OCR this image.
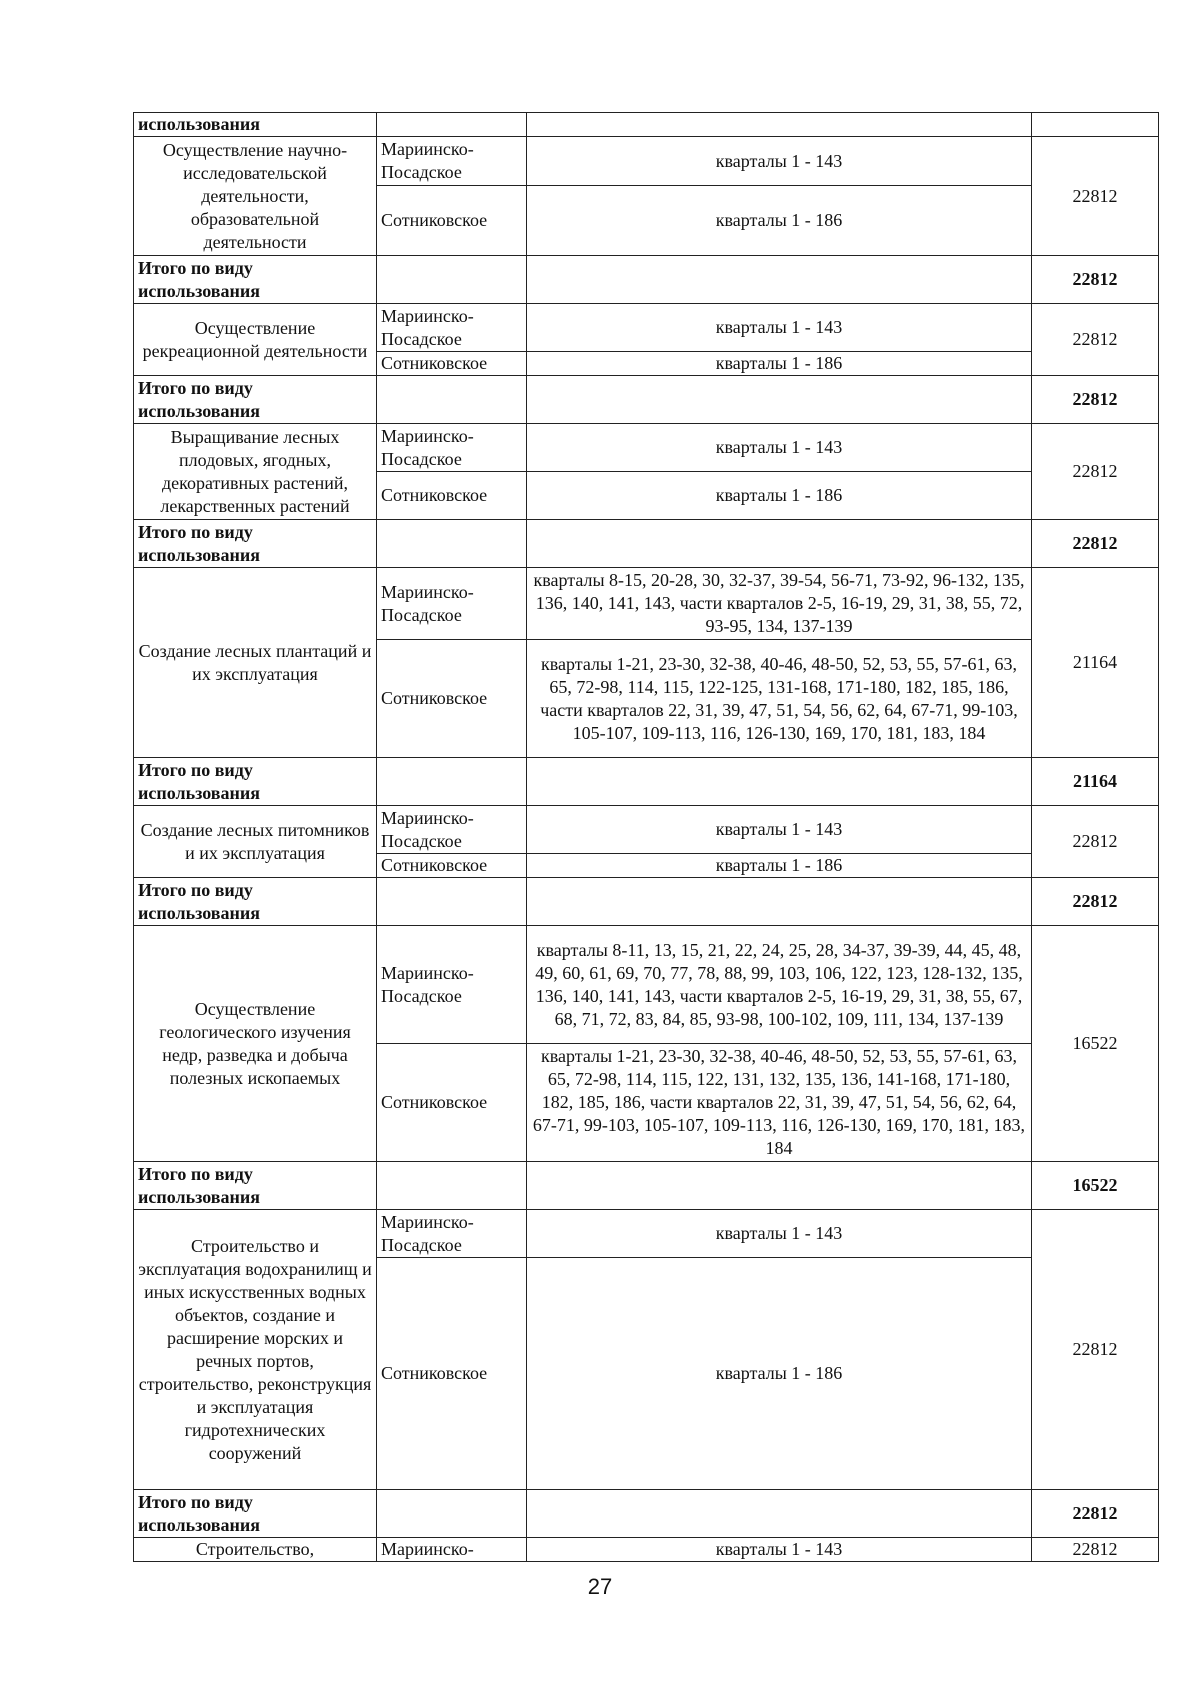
использования			
Осуществление научно-исследовательской деятельности, образовательной деятельности	Мариинско-Посадское	кварталы 1 - 143	22812
	Сотниковское	кварталы 1 - 186	
Итого по виду использования			22812
Осуществление рекреационной деятельности	Мариинско-Посадское	кварталы 1 - 143	22812
	Сотниковское	кварталы 1 - 186	
Итого по виду использования			22812
Выращивание лесных плодовых, ягодных, декоративных растений, лекарственных растений	Мариинско-Посадское	кварталы 1 - 143	22812
	Сотниковское	кварталы 1 - 186	
Итого по виду использования			22812
Создание лесных плантаций и их эксплуатация	Мариинско-Посадское	кварталы 8-15, 20-28, 30, 32-37, 39-54, 56-71, 73-92, 96-132, 135, 136, 140, 141, 143, части кварталов 2-5, 16-19, 29, 31, 38, 55, 72, 93-95, 134, 137-139	21164
	Сотниковское	кварталы 1-21, 23-30, 32-38, 40-46, 48-50, 52, 53, 55, 57-61, 63, 65, 72-98, 114, 115, 122-125, 131-168, 171-180, 182, 185, 186, части кварталов 22, 31, 39, 47, 51, 54, 56, 62, 64, 67-71, 99-103, 105-107, 109-113, 116, 126-130, 169, 170, 181, 183, 184	
Итого по виду использования			21164
Создание лесных питомников и их эксплуатация	Мариинско-Посадское	кварталы 1 - 143	22812
	Сотниковское	кварталы 1 - 186	
Итого по виду использования			22812
Осуществление геологического изучения недр, разведка и добыча полезных ископаемых	Мариинско-Посадское	кварталы 8-11, 13, 15, 21, 22, 24, 25, 28, 34-37, 39-39, 44, 45, 48, 49, 60, 61, 69, 70, 77, 78, 88, 99, 103, 106, 122, 123, 128-132, 135, 136, 140, 141, 143, части кварталов 2-5, 16-19, 29, 31, 38, 55, 67, 68, 71, 72, 83, 84, 85, 93-98, 100-102, 109, 111, 134, 137-139	16522
	Сотниковское	кварталы 1-21, 23-30, 32-38, 40-46, 48-50, 52, 53, 55, 57-61, 63, 65, 72-98, 114, 115, 122, 131, 132, 135, 136, 141-168, 171-180, 182, 185, 186, части кварталов 22, 31, 39, 47, 51, 54, 56, 62, 64, 67-71, 99-103, 105-107, 109-113, 116, 126-130, 169, 170, 181, 183, 184	
Итого по виду использования			16522
Строительство и эксплуатация водохранилищ и иных искусственных водных объектов, создание и расширение морских и речных портов, строительство, реконструкция и эксплуатация гидротехнических сооружений	Мариинско-Посадское	кварталы 1 - 143	22812
	Сотниковское	кварталы 1 - 186	
Итого по виду использования			22812
Строительство,	Мариинско-	кварталы 1 - 143	22812
27
